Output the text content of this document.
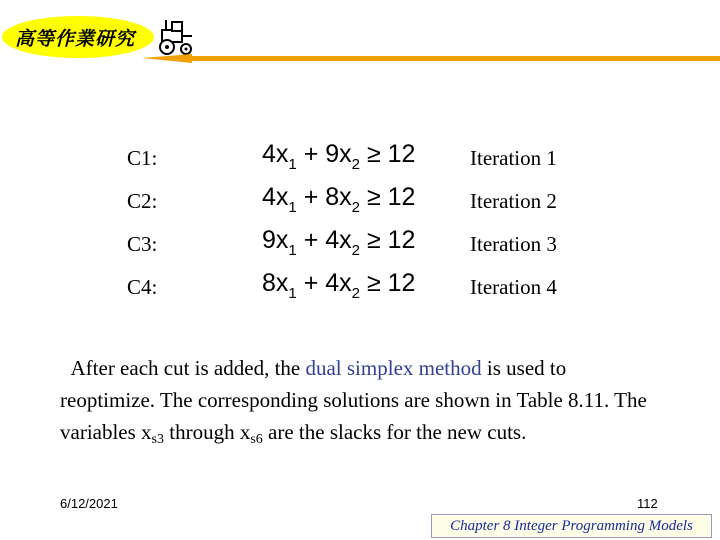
高等作業研究
C1:	$4x_1 + 9x_2 \ge 12$	Iteration 1
C2:	$4x_1 + 8x_2 \ge 12$	Iteration 2
C3:	$9x_1 + 4x_2 \ge 12$	Iteration 3
C4:	$8x_1 + 4x_2 \ge 12$	Iteration 4
After each cut is added, the dual simplex method is used to reoptimize. The corresponding solutions are shown in Table 8.11. The variables $x_{s3}$ through $x_{s6}$ are the slacks for the new cuts.
6/12/2021	112
Chapter 8 Integer Programming Models
